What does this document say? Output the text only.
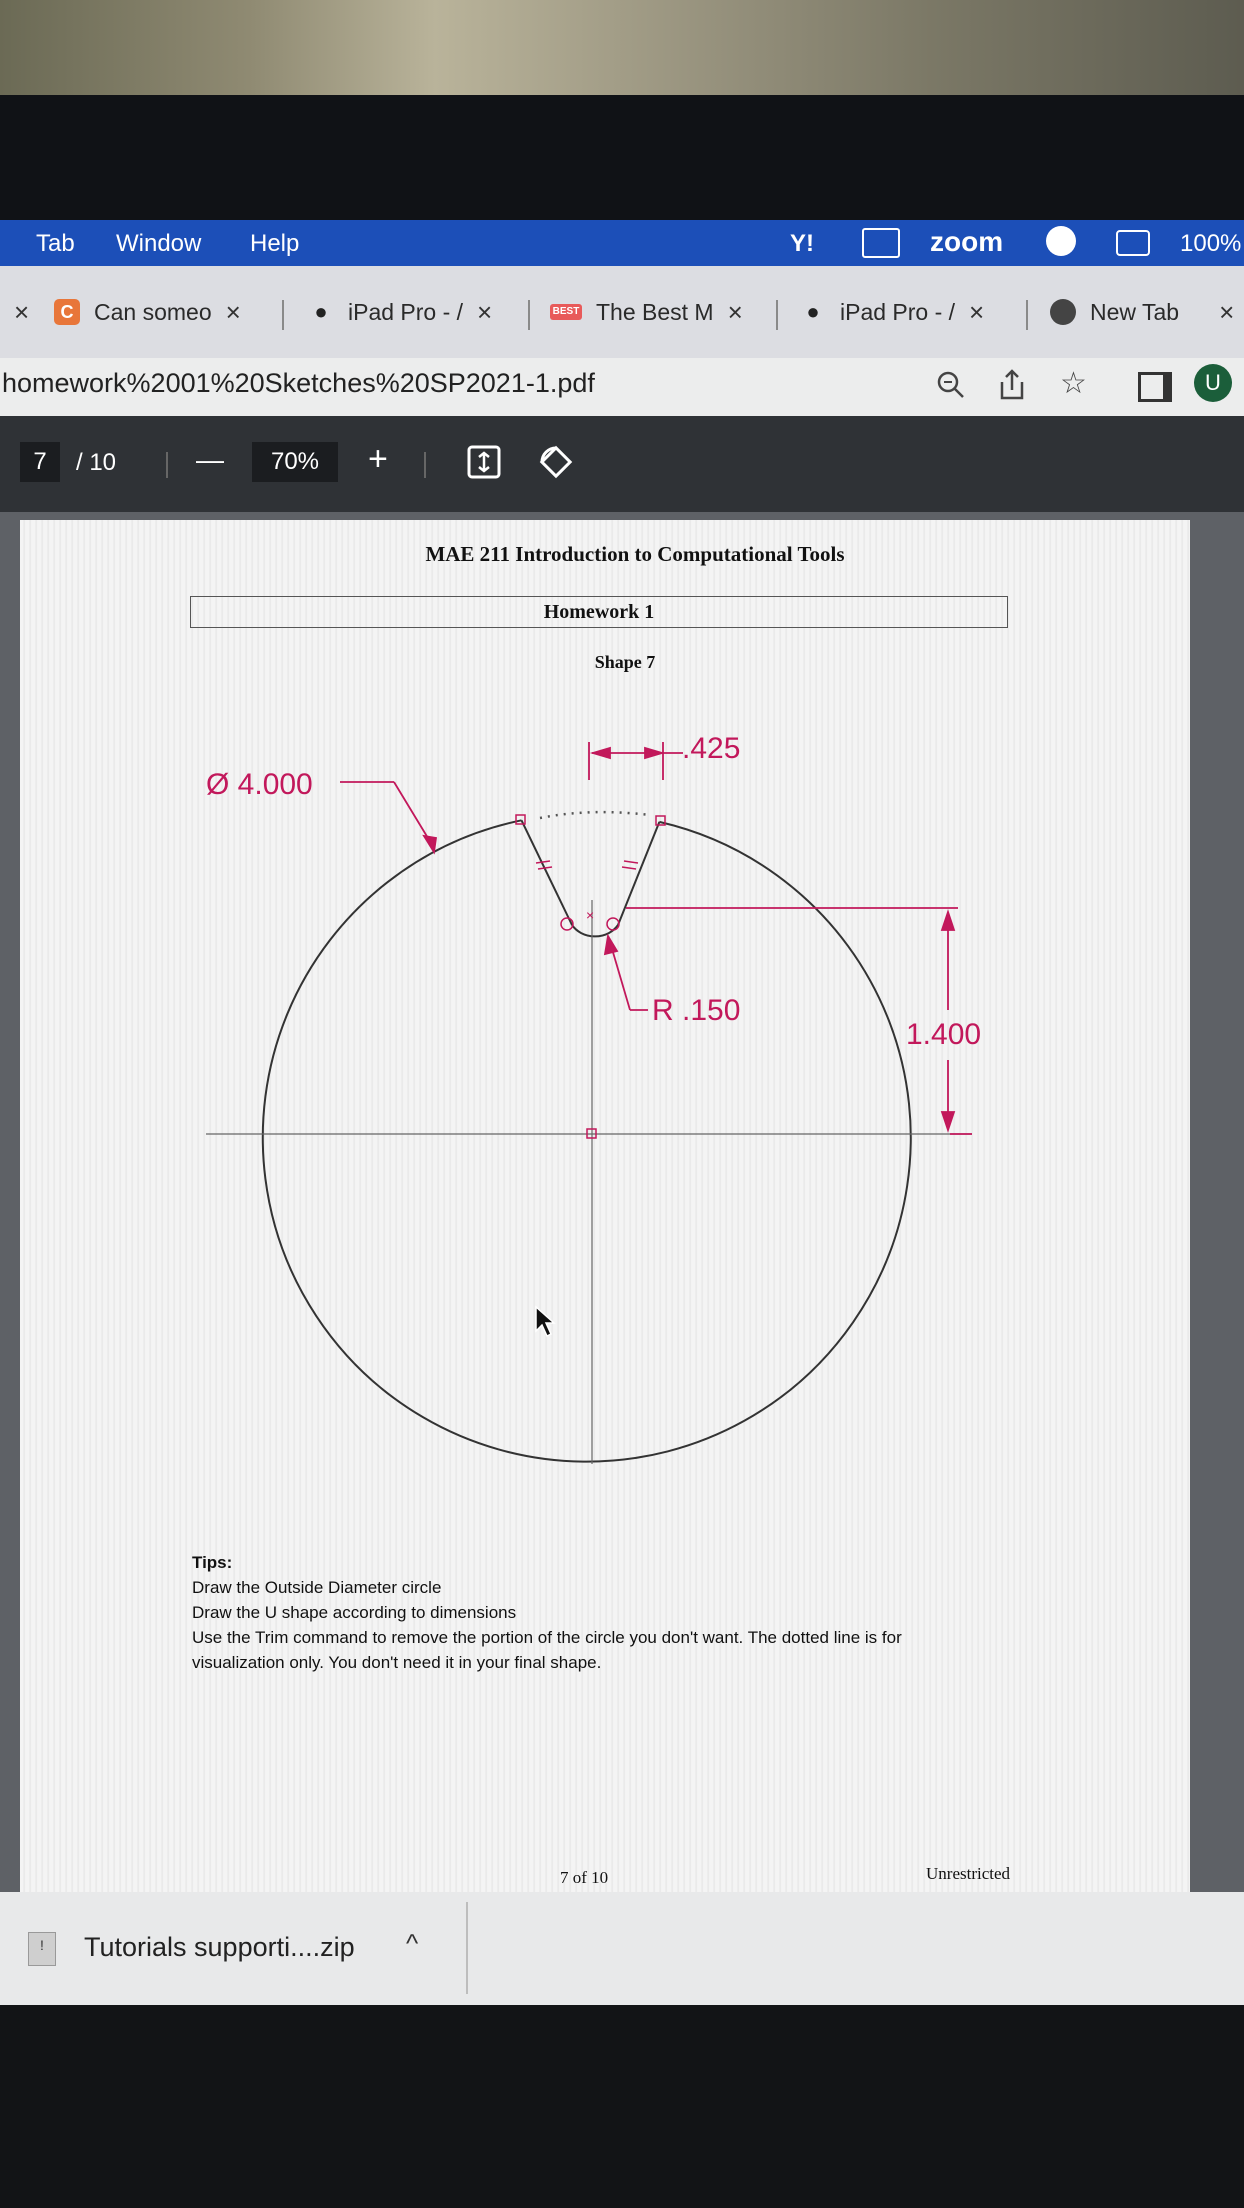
Tab Window Help	Y!	zoom	100%
×	C Can someo ×	● iPad Pro - / ×	BEST The Best M ×	● iPad Pro - / ×	New Tab ×
homework%2001%20Sketches%20SP2021-1.pdf	☆	U
7	/ 10	—	70%	+
MAE 211 Introduction to Computational Tools
Homework 1
Shape 7
×
Ø 4.000
.425
R .150
1.400
Tips:
Draw the Outside Diameter circle
Draw the U shape according to dimensions
Use the Trim command to remove the portion of the circle you don't want. The dotted line is for
visualization only. You don't need it in your final shape.
7 of 10	Unrestricted
!	Tutorials supporti....zip ^
